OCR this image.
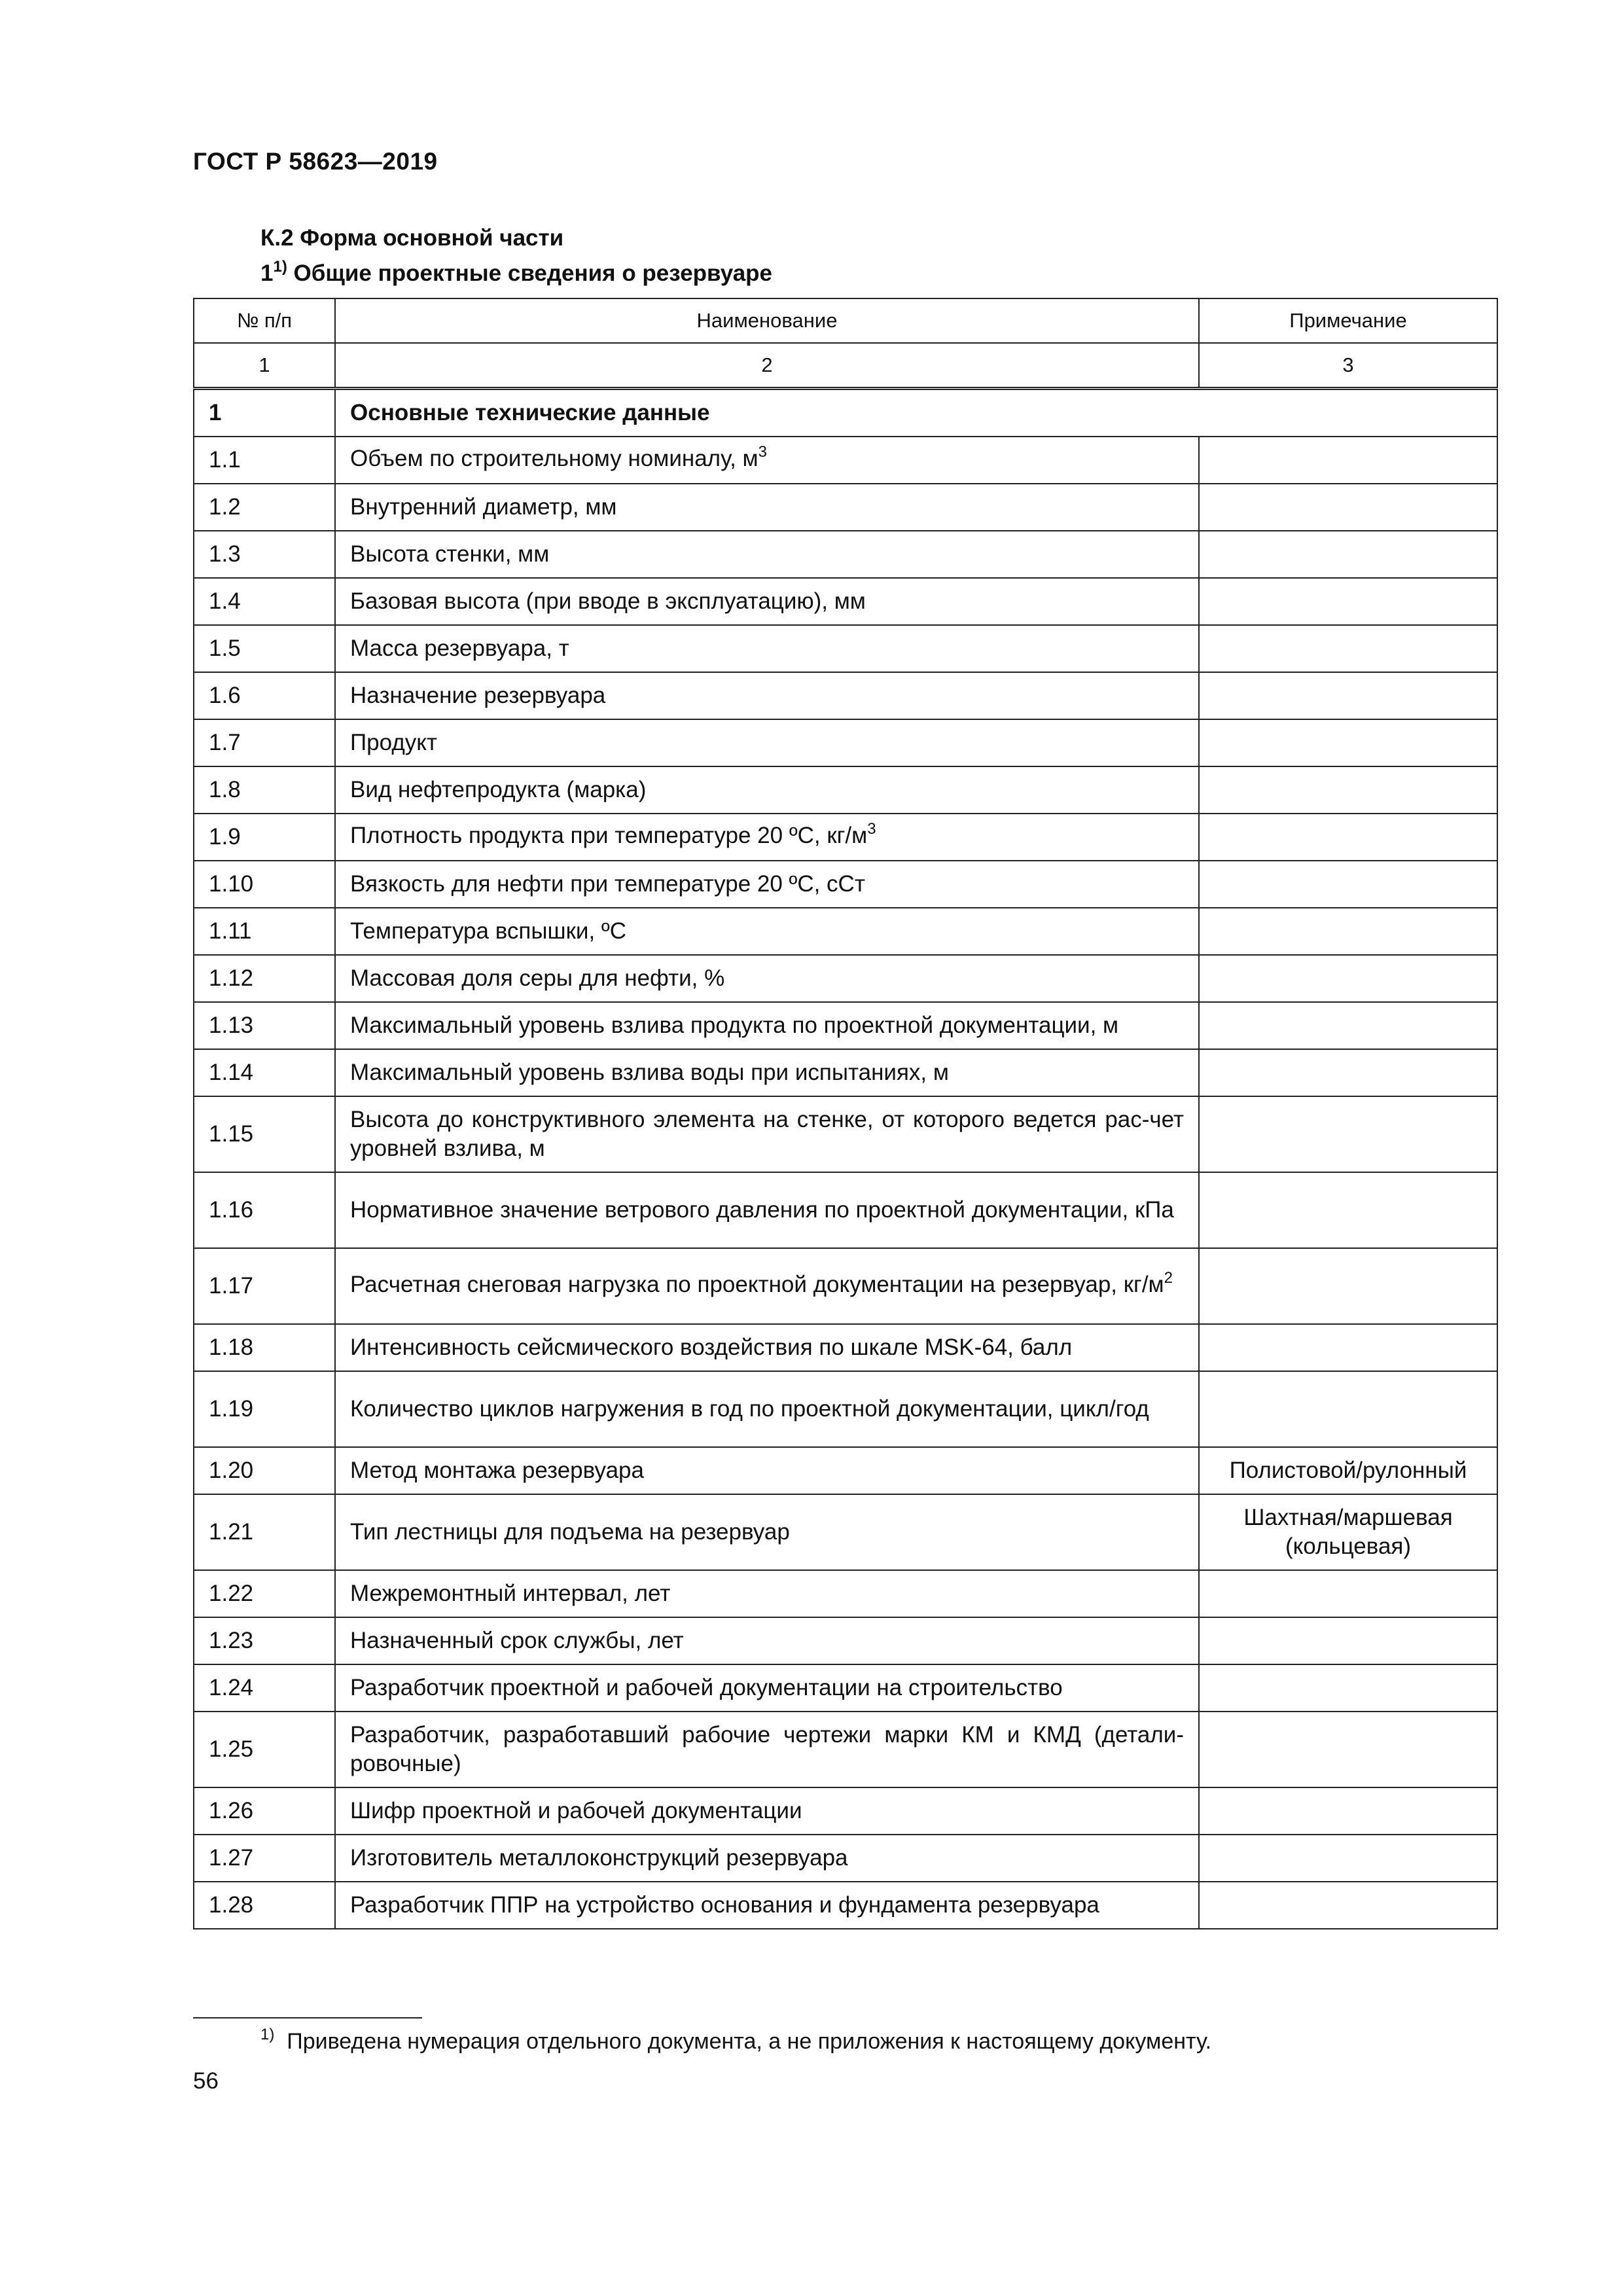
ГОСТ Р 58623—2019
К.2 Форма основной части
1$^{1)}$ Общие проектные сведения о резервуаре
№ п/п	Наименование	Примечание
1	2	3
1	Основные технические данные	
1.1	Объем по строительному номиналу, $м^3$	
1.2	Внутренний диаметр, мм	
1.3	Высота стенки, мм	
1.4	Базовая высота (при вводе в эксплуатацию), мм	
1.5	Масса резервуара, т	
1.6	Назначение резервуара	
1.7	Продукт	
1.8	Вид нефтепродукта (марка)	
1.9	Плотность продукта при температуре 20 ºС, $кг/м^3$	
1.10	Вязкость для нефти при температуре 20 ºС, сСт	
1.11	Температура вспышки, ºС	
1.12	Массовая доля серы для нефти, %	
1.13	Максимальный уровень взлива продукта по проектной документации, м	
1.14	Максимальный уровень взлива воды при испытаниях, м	
1.15	Высота до конструктивного элемента на стенке, от которого ведется рас-чет уровней взлива, м	
1.16	Нормативное значение ветрового давления по проектной документации, кПа	
1.17	Расчетная снеговая нагрузка по проектной документации на резервуар, $кг/м^2$	
1.18	Интенсивность сейсмического воздействия по шкале MSK-64, балл	
1.19	Количество циклов нагружения в год по проектной документации, цикл/год	
1.20	Метод монтажа резервуара	Полистовой/рулонный
1.21	Тип лестницы для подъема на резервуар	Шахтная/маршевая (кольцевая)
1.22	Межремонтный интервал, лет	
1.23	Назначенный срок службы, лет	
1.24	Разработчик проектной и рабочей документации на строительство	
1.25	Разработчик, разработавший рабочие чертежи марки КМ и КМД (детали-ровочные)	
1.26	Шифр проектной и рабочей документации	
1.27	Изготовитель металлоконструкций резервуара	
1.28	Разработчик ППР на устройство основания и фундамента резервуара	
$^{1)}$ Приведена нумерация отдельного документа, а не приложения к настоящему документу.
56
